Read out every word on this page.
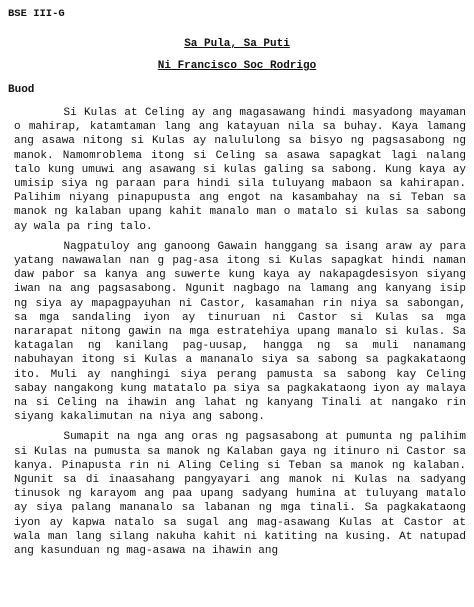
BSE III-G
Sa Pula, Sa Puti
Ni Francisco Soc Rodrigo
Buod

Si Kulas at Celing ay ang magasawang hindi masyadong mayaman o mahirap, katamtaman lang ang katayuan nila sa buhay. Kaya lamang ang asawa nitong si Kulas ay nalululong sa bisyo ng pagsasabong ng manok. Namomroblema itong si Celing sa asawa sapagkat lagi nalang talo kung umuwi ang asawang si kulas galing sa sabong. Kung kaya ay umisip siya ng paraan para hindi sila tuluyang mabaon sa kahirapan. Palihim niyang pinapupusta ang engot na kasambahay na si Teban sa manok ng kalaban upang kahit manalo man o matalo si kulas sa sabong ay wala pa ring talo.

Nagpatuloy ang ganoong Gawain hanggang sa isang araw ay para yatang nawawalan nan g pag-asa itong si Kulas sapagkat hindi naman daw pabor sa kanya ang suwerte kung kaya ay nakapagdesisyon siyang iwan na ang pagsasabong. Ngunit nagbago na lamang ang kanyang isip ng siya ay mapagpayuhan ni Castor, kasamahan rin niya sa sabongan, sa mga sandaling iyon ay tinuruan ni Castor si Kulas sa mga nararapat nitong gawin na mga estratehiya upang manalo si kulas. Sa katagalan ng kanilang pag-uusap, hangga ng sa muli nanamang nabuhayan itong si Kulas a mananalo siya sa sabong sa pagkakataong ito. Muli ay nanghingi siya perang pamusta sa sabong kay Celing sabay nangakong kung matatalo pa siya sa pagkakataong iyon ay malaya na si Celing na ihawin ang lahat ng kanyang Tinali at nangako rin siyang kakalimutan na niya ang sabong.

Sumapit na nga ang oras ng pagsasabong at pumunta ng palihim si Kulas na pumusta sa manok ng Kalaban gaya ng itinuro ni Castor sa kanya. Pinapusta rin ni Aling Celing si Teban sa manok ng kalaban. Ngunit sa di inaasahang pangyayari ang manok ni Kulas na sadyang tinusok ng karayom ang paa upang sadyang humina at tuluyang matalo ay siya palang mananalo sa labanan ng mga tinali. Sa pagkakataong iyon ay kapwa natalo sa sugal ang mag-asawang Kulas at Castor at wala man lang silang nakuha kahit ni katiting na kusing. At natupad ang kasunduan ng mag-asawa na ihawin ang
